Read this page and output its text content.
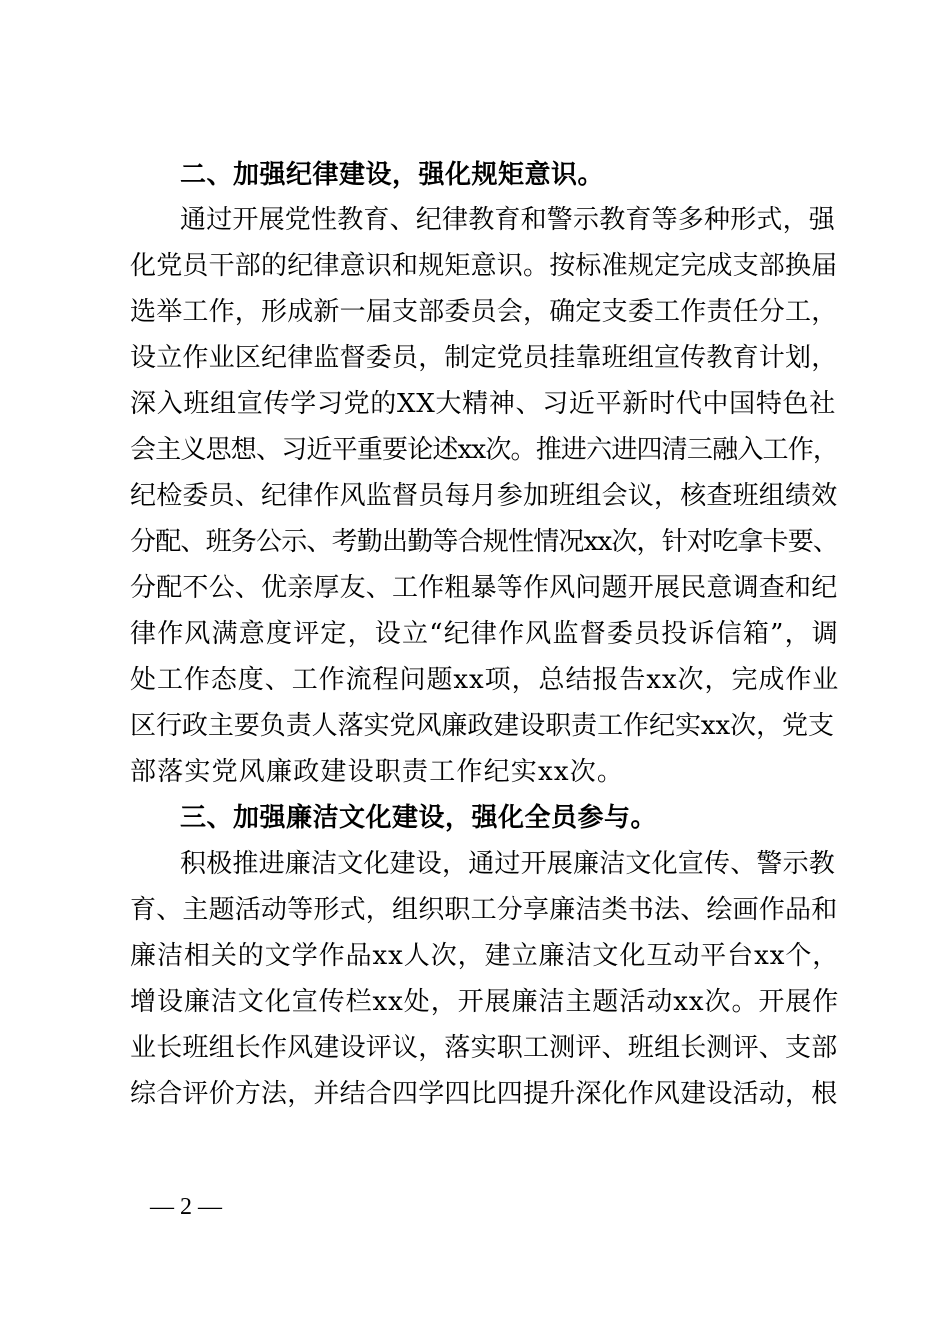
二、加强纪律建设，强化规矩意识。
通过开展党性教育、纪律教育和警示教育等多种形式，强
化党员干部的纪律意识和规矩意识。按标准规定完成支部换届
选举工作，形成新一届支部委员会，确定支委工作责任分工，
设立作业区纪律监督委员，制定党员挂靠班组宣传教育计划，
深入班组宣传学习党的XX大精神、习近平新时代中国特色社
会主义思想、习近平重要论述xx次。推进六进四清三融入工作，
纪检委员、纪律作风监督员每月参加班组会议，核查班组绩效
分配、班务公示、考勤出勤等合规性情况xx次，针对吃拿卡要、
分配不公、优亲厚友、工作粗暴等作风问题开展民意调查和纪
律作风满意度评定，设立“纪律作风监督委员投诉信箱”，调
处工作态度、工作流程问题xx项，总结报告xx次，完成作业
区行政主要负责人落实党风廉政建设职责工作纪实xx次，党支
部落实党风廉政建设职责工作纪实xx次。
三、加强廉洁文化建设，强化全员参与。
积极推进廉洁文化建设，通过开展廉洁文化宣传、警示教
育、主题活动等形式，组织职工分享廉洁类书法、绘画作品和
廉洁相关的文学作品xx人次，建立廉洁文化互动平台xx个，
增设廉洁文化宣传栏xx处，开展廉洁主题活动xx次。开展作
业长班组长作风建设评议，落实职工测评、班组长测评、支部
综合评价方法，并结合四学四比四提升深化作风建设活动，根
— 2 —
